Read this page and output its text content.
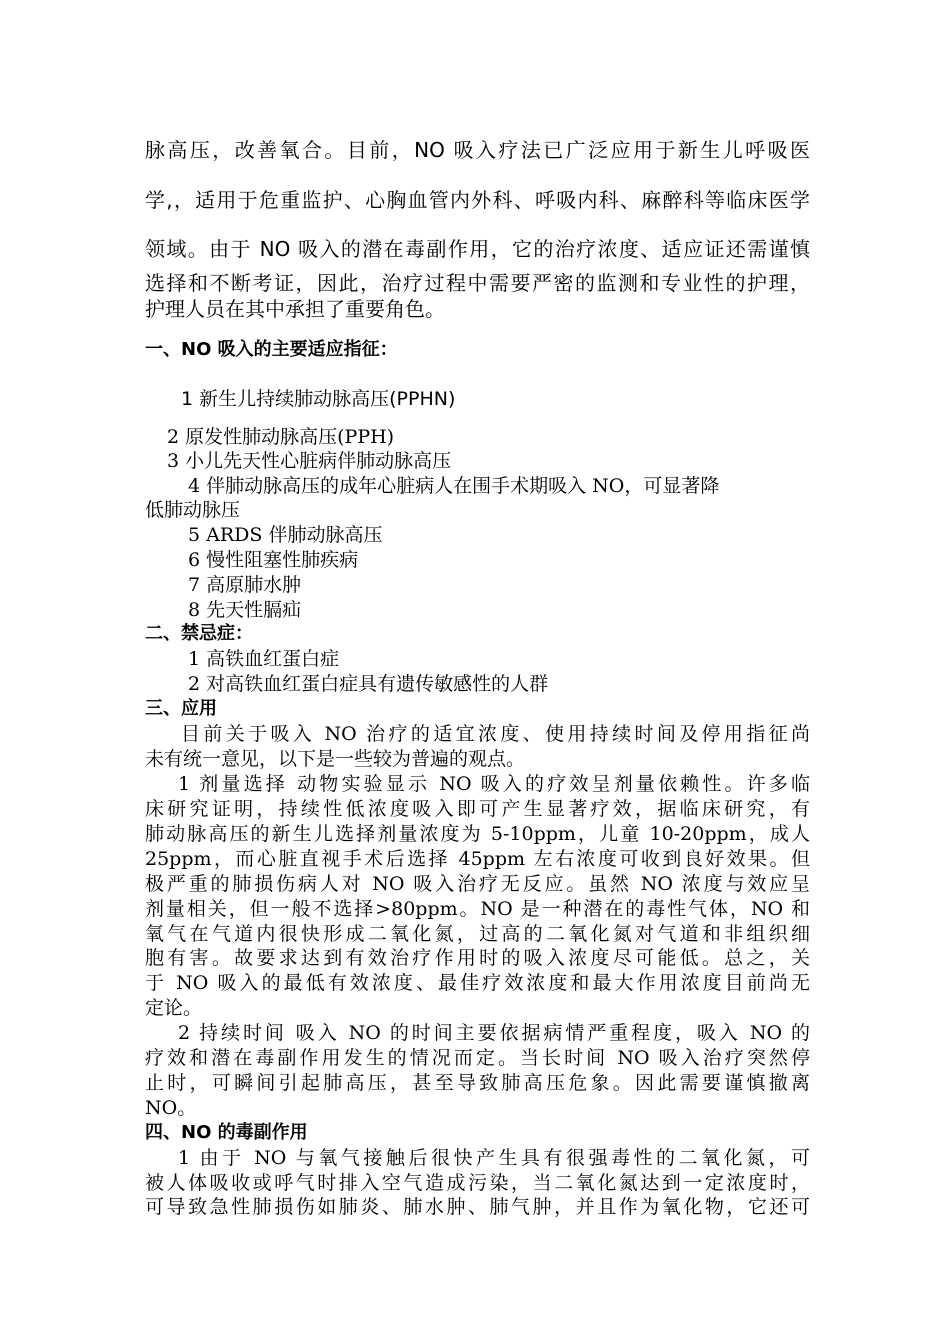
脉高压，改善氧合。目前，NO 吸入疗法已广泛应用于新生儿呼吸医

学,，适用于危重监护、心胸血管内外科、呼吸内科、麻醉科等临床医学

领域。由于 NO 吸入的潜在毒副作用，它的治疗浓度、适应证还需谨慎

选择和不断考证，因此，治疗过程中需要严密的监测和专业性的护理，

护理人员在其中承担了重要角色。

一、NO 吸入的主要适应指征：

1 新生儿持续肺动脉高压(PPHN)

2 原发性肺动脉高压(PPH)

3 小儿先天性心脏病伴肺动脉高压

4 伴肺动脉高压的成年心脏病人在围手术期吸入 NO，可显著降

低肺动脉压

5 ARDS 伴肺动脉高压

6 慢性阻塞性肺疾病

7 高原肺水肿

8 先天性膈疝

二、禁忌症：

1 高铁血红蛋白症

2 对高铁血红蛋白症具有遗传敏感性的人群

三、应用

目前关于吸入 NO 治疗的适宜浓度、使用持续时间及停用指征尚

未有统一意见，以下是一些较为普遍的观点。

1 剂量选择 动物实验显示 NO 吸入的疗效呈剂量依赖性。许多临

床研究证明，持续性低浓度吸入即可产生显著疗效，据临床研究，有

肺动脉高压的新生儿选择剂量浓度为 5-10ppm，儿童 10-20ppm，成人

25ppm，而心脏直视手术后选择 45ppm 左右浓度可收到良好效果。但

极严重的肺损伤病人对 NO 吸入治疗无反应。虽然 NO 浓度与效应呈

剂量相关，但一般不选择>80ppm。NO 是一种潜在的毒性气体，NO 和

氧气在气道内很快形成二氧化氮，过高的二氧化氮对气道和非组织细

胞有害。故要求达到有效治疗作用时的吸入浓度尽可能低。总之，关

于 NO 吸入的最低有效浓度、最佳疗效浓度和最大作用浓度目前尚无

定论。

2 持续时间 吸入 NO 的时间主要依据病情严重程度，吸入 NO 的

疗效和潜在毒副作用发生的情况而定。当长时间 NO 吸入治疗突然停

止时，可瞬间引起肺高压，甚至导致肺高压危象。因此需要谨慎撤离

NO。

四、NO 的毒副作用

1 由于 NO 与氧气接触后很快产生具有很强毒性的二氧化氮，可

被人体吸收或呼气时排入空气造成污染，当二氧化氮达到一定浓度时，

可导致急性肺损伤如肺炎、肺水肿、肺气肿，并且作为氧化物，它还可
